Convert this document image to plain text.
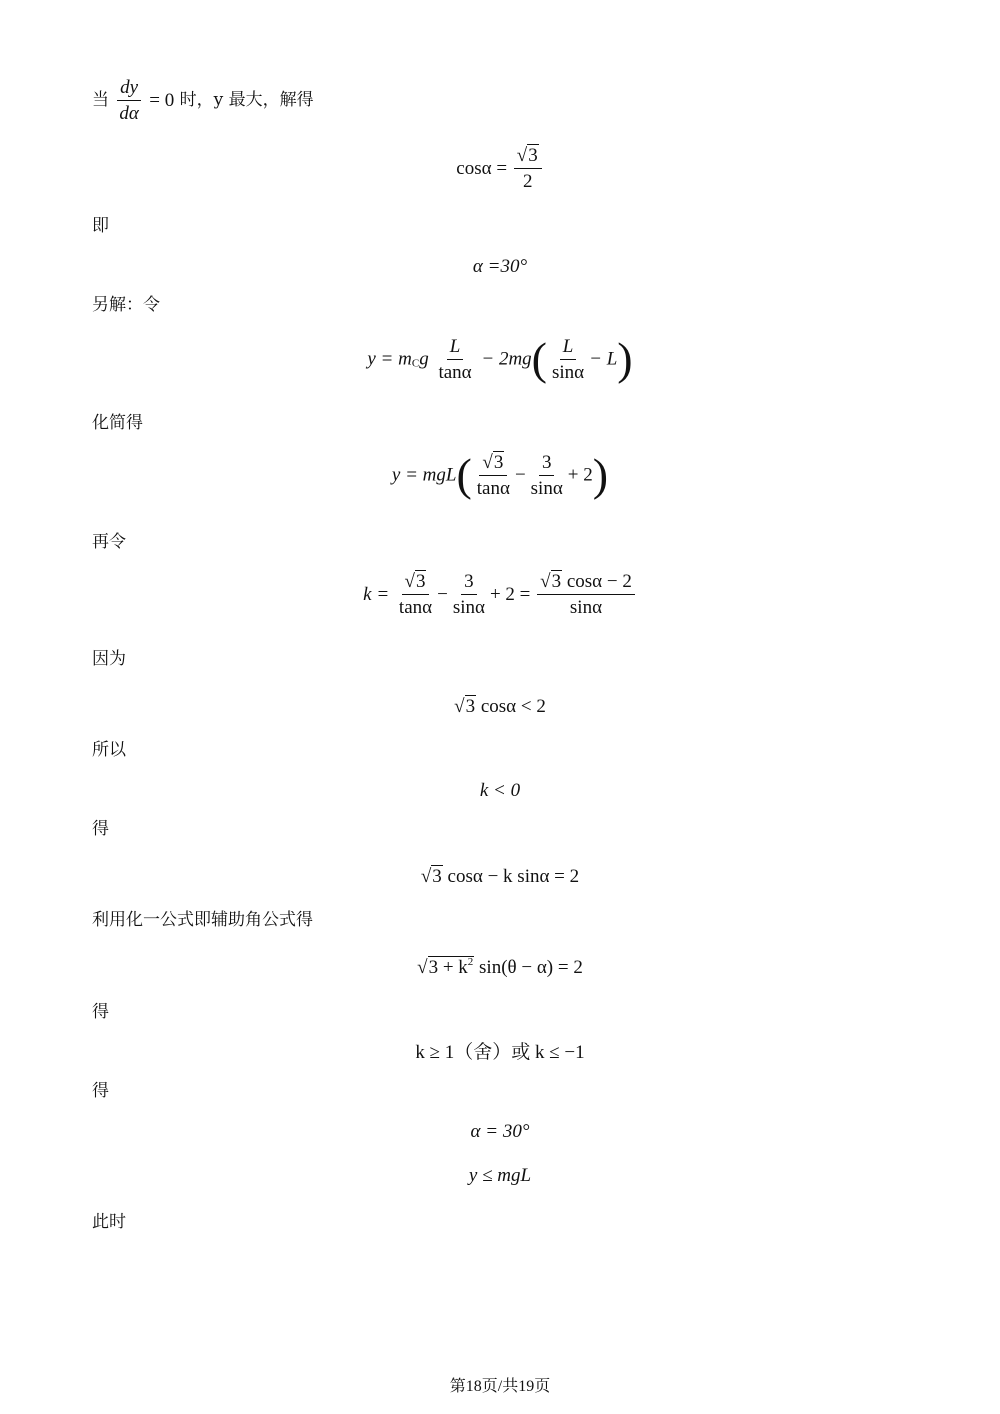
当 $\frac{dy}{d\alpha} = 0$ 时，y 最大，解得
$\cos\alpha = \frac{√3}{2}$
即
α =30°
另解：令
$y = m_Cg \frac{L}{\tan\alpha} - 2mg( \frac{L}{\sin\alpha} - L)$
化简得
$y = mgL( \frac{√3}{\tan\alpha} - \frac{3}{\sin\alpha} + 2)$
再令
$k = \frac{√3}{\tan\alpha} - \frac{3}{\sin\alpha} + 2 = \frac{√3 \cos\alpha - 2}{\sin\alpha}$
因为
√3 cosα < 2
所以
k < 0
得
√3 cosα − k sinα = 2
利用化一公式即辅助角公式得
$√3 + k^2$ sin(θ − α) = 2
得
k ≥ 1（舍）或 k ≤ −1
得
α = 30°
y ≤ mgL
此时
第18页/共19页
